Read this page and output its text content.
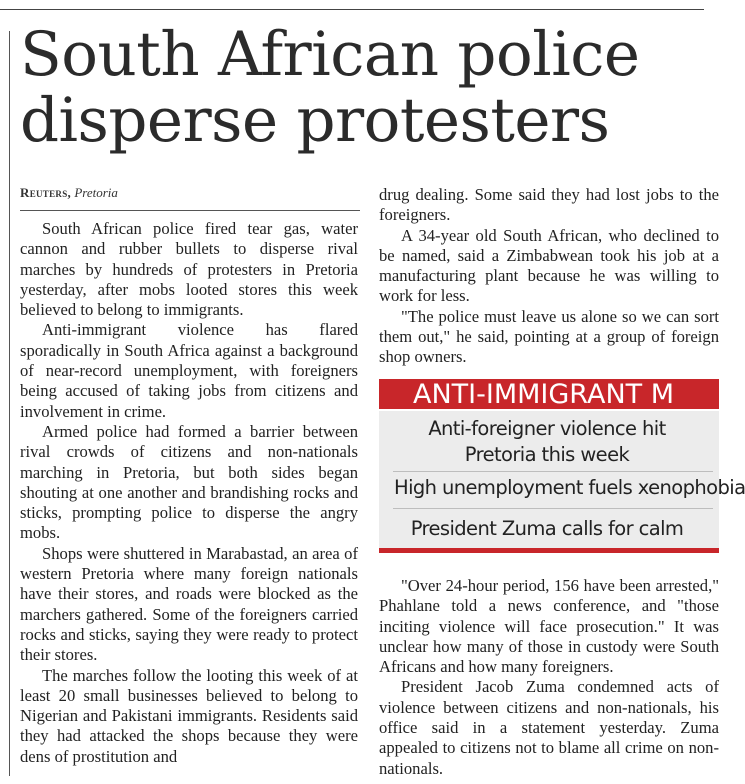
South African police disperse protesters
Reuters, Pretoria

South African police fired tear gas, water cannon and rubber bullets to disperse rival marches by hundreds of protesters in Pretoria yesterday, after mobs looted stores this week believed to belong to immigrants.

Anti-immigrant violence has flared sporadically in South Africa against a background of near-record unemployment, with foreigners being accused of taking jobs from citizens and involvement in crime.

Armed police had formed a barrier between rival crowds of citizens and non-nationals marching in Pretoria, but both sides began shouting at one another and brandishing rocks and sticks, prompting police to disperse the angry mobs.

Shops were shuttered in Marabastad, an area of western Pretoria where many foreign nationals have their stores, and roads were blocked as the marchers gathered. Some of the foreigners carried rocks and sticks, saying they were ready to protect their stores.

The marches follow the looting this week of at least 20 small businesses believed to belong to Nigerian and Pakistani immigrants. Residents said they had attacked the shops because they were dens of prostitution and

drug dealing. Some said they had lost jobs to the foreigners.

A 34-year old South African, who declined to be named, said a Zimbabwean took his job at a manufacturing plant because he was willing to work for less.

"The police must leave us alone so we can sort them out," he said, pointing at a group of foreign shop owners.

ANTI-IMMIGRANT M
Anti-foreigner violence hit
Pretoria this week
High unemployment fuels xenophobia
President Zuma calls for calm

"Over 24-hour period, 156 have been arrested," Phahlane told a news conference, and "those inciting violence will face prosecution." It was unclear how many of those in custody were South Africans and how many foreigners.

President Jacob Zuma condemned acts of violence between citizens and non-nationals, his office said in a statement yesterday. Zuma appealed to citizens not to blame all crime on non-nationals.
